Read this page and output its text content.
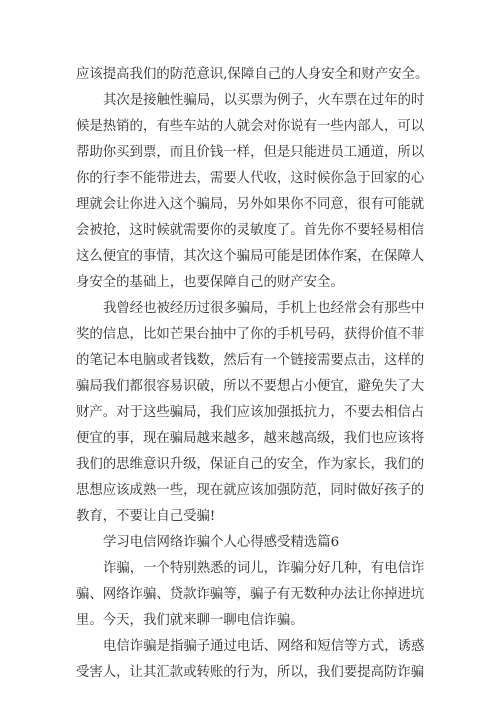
应该提高我们的防范意识,保障自己的人身安全和财产安全。
其次是接触性骗局，以买票为例子，火车票在过年的时
候是热销的，有些车站的人就会对你说有一些内部人，可以
帮助你买到票，而且价钱一样，但是只能进员工通道，所以
你的行李不能带进去，需要人代收，这时候你急于回家的心
理就会让你进入这个骗局，另外如果你不同意，很有可能就
会被抢，这时候就需要你的灵敏度了。首先你不要轻易相信
这么便宜的事情，其次这个骗局可能是团体作案，在保障人
身安全的基础上，也要保障自己的财产安全。
我曾经也被经历过很多骗局，手机上也经常会有那些中
奖的信息，比如芒果台抽中了你的手机号码，获得价值不菲
的笔记本电脑或者钱数，然后有一个链接需要点击，这样的
骗局我们都很容易识破，所以不要想占小便宜，避免失了大
财产。对于这些骗局，我们应该加强抵抗力，不要去相信占
便宜的事，现在骗局越来越多，越来越高级，我们也应该将
我们的思维意识升级，保证自己的安全，作为家长，我们的
思想应该成熟一些，现在就应该加强防范，同时做好孩子的
教育，不要让自己受骗!
学习电信网络诈骗个人心得感受精选篇6
诈骗，一个特别熟悉的词儿，诈骗分好几种，有电信诈
骗、网络诈骗、贷款诈骗等，骗子有无数种办法让你掉进坑
里。今天，我们就来聊一聊电信诈骗。
电信诈骗是指骗子通过电话、网络和短信等方式，诱惑
受害人，让其汇款或转账的行为，所以，我们要提高防诈骗
